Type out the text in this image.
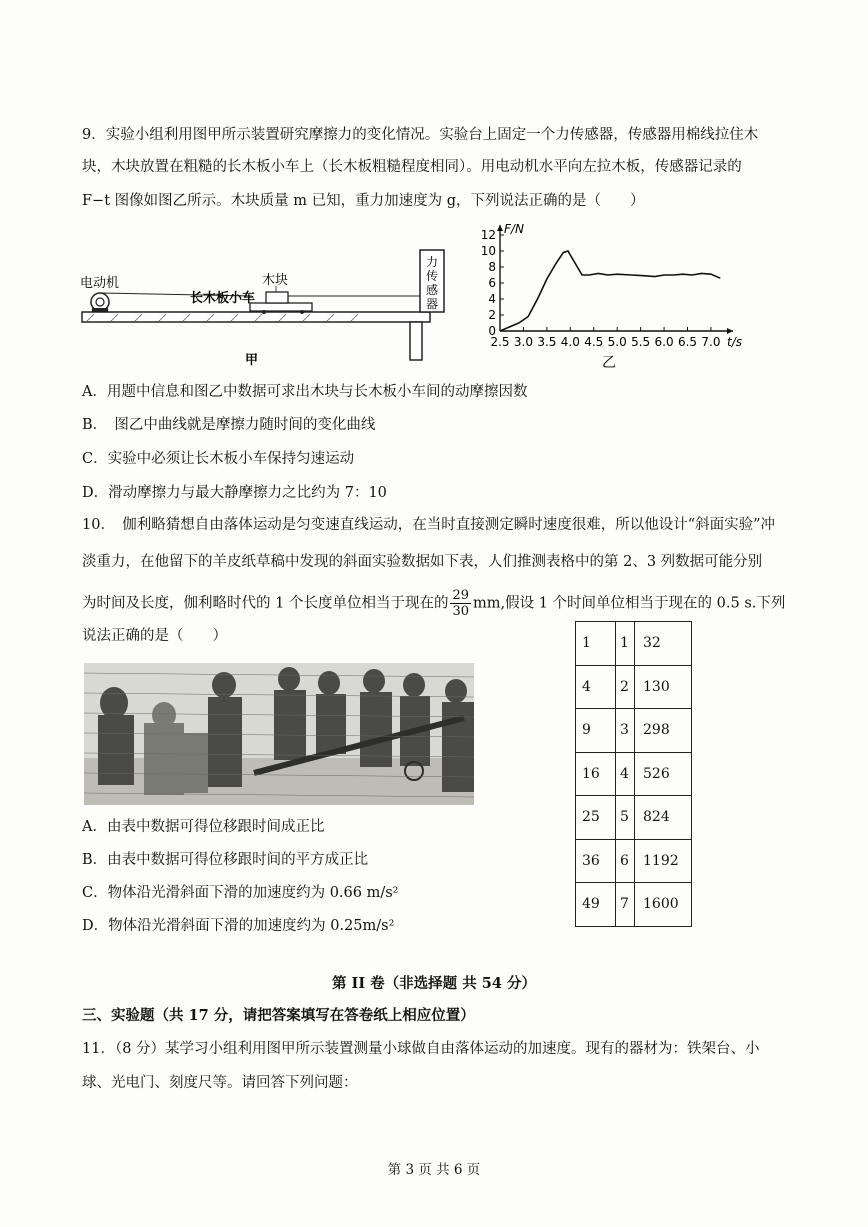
9．实验小组利用图甲所示装置研究摩擦力的变化情况。实验台上固定一个力传感器，传感器用棉线拉住木
块，木块放置在粗糙的长木板小车上（长木板粗糙程度相同）。用电动机水平向左拉木板，传感器记录的
F−t 图像如图乙所示。木块质量 m 已知，重力加速度为 g，下列说法正确的是（　　）
电动机
长木板小车
木块
力传感器
甲
0
2
4
6
8
10
12
2.5 3.0 3.5 4.0 4.5 5.0 5.5 6.0 6.5 7.0
F/N
t/s
乙
A．用题中信息和图乙中数据可求出木块与长木板小车间的动摩擦因数
B．　图乙中曲线就是摩擦力随时间的变化曲线
C．实验中必须让长木板小车保持匀速运动
D．滑动摩擦力与最大静摩擦力之比约为 7：10
10．　伽利略猜想自由落体运动是匀变速直线运动，在当时直接测定瞬时速度很难，所以他设计“斜面实验”冲
淡重力，在他留下的羊皮纸草稿中发现的斜面实验数据如下表，人们推测表格中的第 2、3 列数据可能分别
为时间及长度，伽利略时代的 1 个长度单位相当于现在的 $\frac{29}{30}$ mm,假设 1 个时间单位相当于现在的 0.5 s.下列
说法正确的是（　　）	1	1	32
4	2	130
9	3	298
16	4	526
25	5	824
36	6	1192
49	7	1600
A．由表中数据可得位移跟时间成正比
B．由表中数据可得位移跟时间的平方成正比
C．物体沿光滑斜面下滑的加速度约为 0.66 m/s²
D．物体沿光滑斜面下滑的加速度约为 0.25m/s²
第 II 卷（非选择题 共 54 分）
三、实验题（共 17 分，请把答案填写在答卷纸上相应位置）
11．（8 分）某学习小组利用图甲所示装置测量小球做自由落体运动的加速度。现有的器材为：铁架台、小
球、光电门、刻度尺等。请回答下列问题：
第 3 页 共 6 页
